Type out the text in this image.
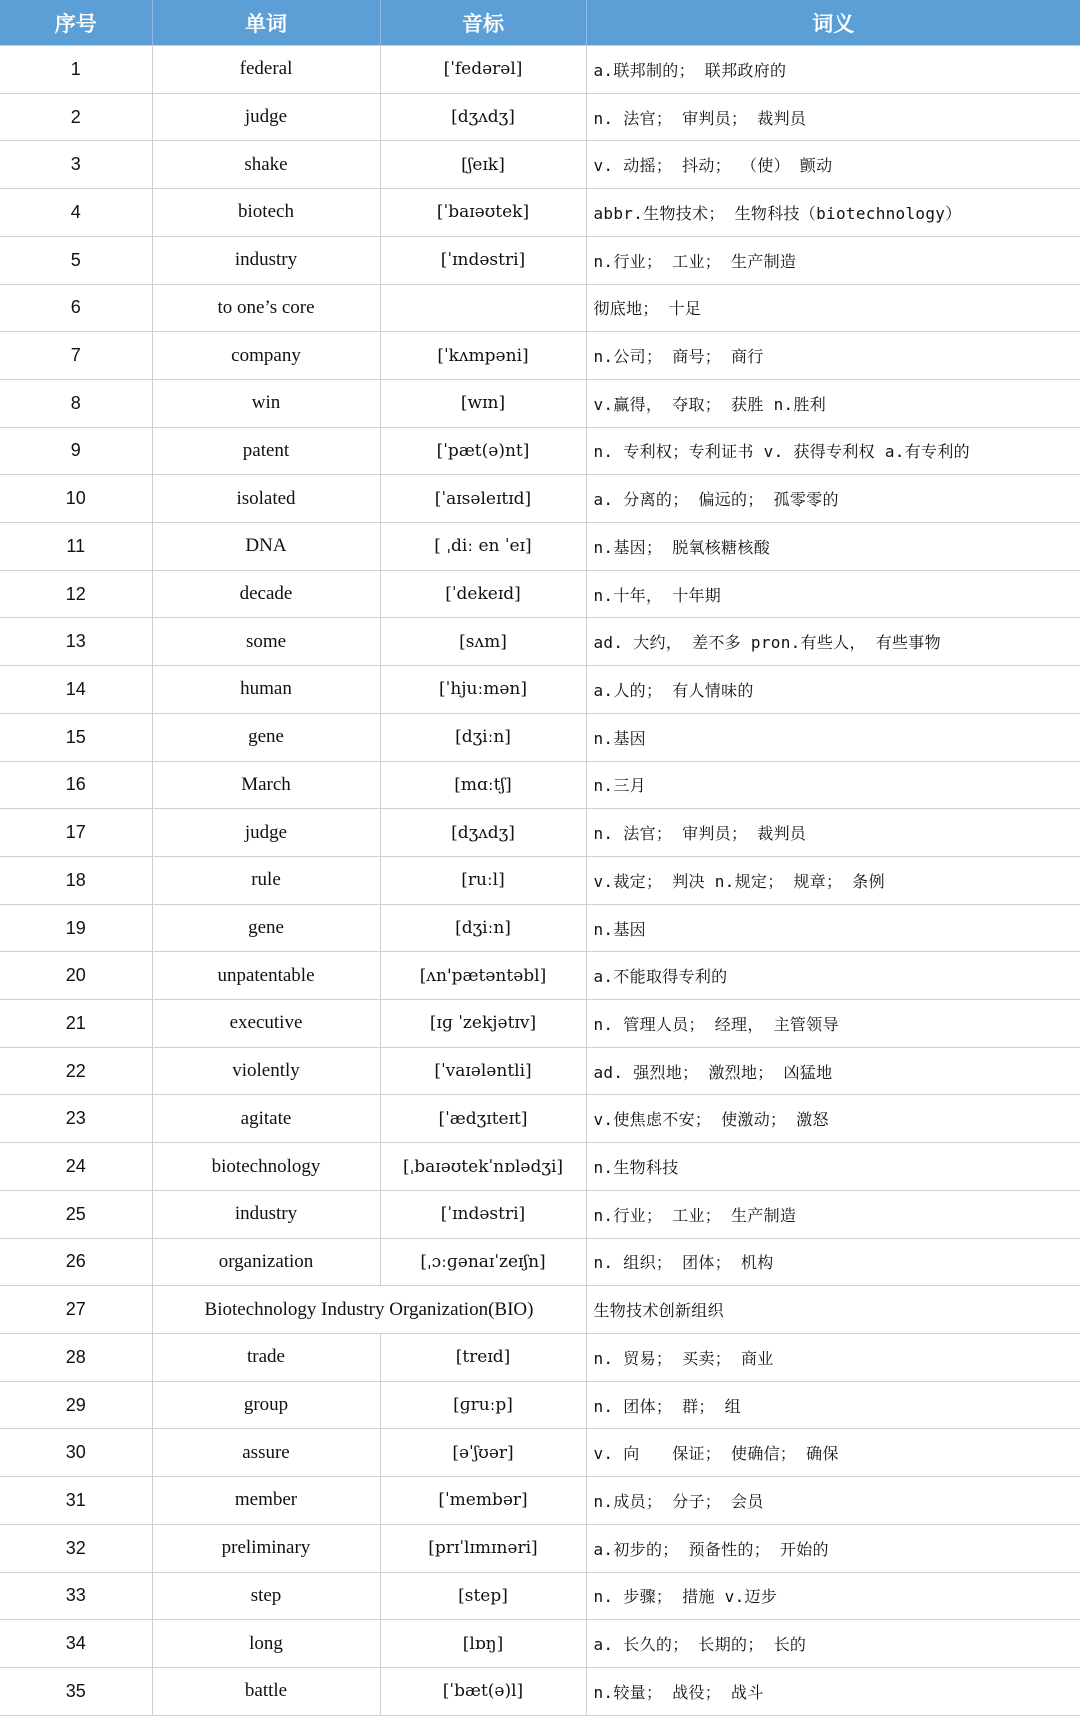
序号	单词	音标	词义
1	federal	[ˈfedərəl]	a.联邦制的； 联邦政府的
2	judge	[dʒʌdʒ]	n. 法官； 审判员； 裁判员
3	shake	[ʃeɪk]	v. 动摇； 抖动； （使） 颤动
4	biotech	[ˈbaɪəʊtek]	abbr.生物技术； 生物科技（biotechnology）
5	industry	[ˈɪndəstri]	n.行业； 工业； 生产制造
6	to one’s core		彻底地； 十足
7	company	[ˈkʌmpəni]	n.公司； 商号； 商行
8	win	[wɪn]	v.赢得， 夺取； 获胜 n.胜利
9	patent	[ˈpæt(ə)nt]	n. 专利权；专利证书 v. 获得专利权 a.有专利的
10	isolated	[ˈaɪsəleɪtɪd]	a. 分离的； 偏远的； 孤零零的
11	DNA	[ ˌdiː en ˈeɪ]	n.基因； 脱氧核糖核酸
12	decade	[ˈdekeɪd]	n.十年， 十年期
13	some	[sʌm]	ad. 大约， 差不多 pron.有些人， 有些事物
14	human	[ˈhjuːmən]	a.人的； 有人情味的
15	gene	[dʒiːn]	n.基因
16	March	[mɑːtʃ]	n.三月
17	judge	[dʒʌdʒ]	n. 法官； 审判员； 裁判员
18	rule	[ruːl]	v.裁定； 判决 n.规定； 规章； 条例
19	gene	[dʒiːn]	n.基因
20	unpatentable	[ʌn'pætəntəbl]	a.不能取得专利的
21	executive	[ɪɡ ˈzekjətɪv]	n. 管理人员； 经理， 主管领导
22	violently	[ˈvaɪələntli]	ad. 强烈地； 激烈地； 凶猛地
23	agitate	[ˈædʒɪteɪt]	v.使焦虑不安； 使激动； 激怒
24	biotechnology	[ˌbaɪəʊtekˈnɒlədʒi]	n.生物科技
25	industry	[ˈɪndəstri]	n.行业； 工业； 生产制造
26	organization	[ˌɔːɡənaɪˈzeɪʃn]	n. 组织； 团体； 机构
27	Biotechnology Industry Organization(BIO)		生物技术创新组织
28	trade	[treɪd]	n. 贸易； 买卖； 商业
29	group	[ɡruːp]	n. 团体； 群； 组
30	assure	[əˈʃʊər]	v. 向　　保证； 使确信； 确保
31	member	[ˈmembər]	n.成员； 分子； 会员
32	preliminary	[prɪˈlɪmɪnəri]	a.初步的； 预备性的； 开始的
33	step	[step]	n. 步骤； 措施 v.迈步
34	long	[lɒŋ]	a. 长久的； 长期的； 长的
35	battle	[ˈbæt(ə)l]	n.较量； 战役； 战斗
